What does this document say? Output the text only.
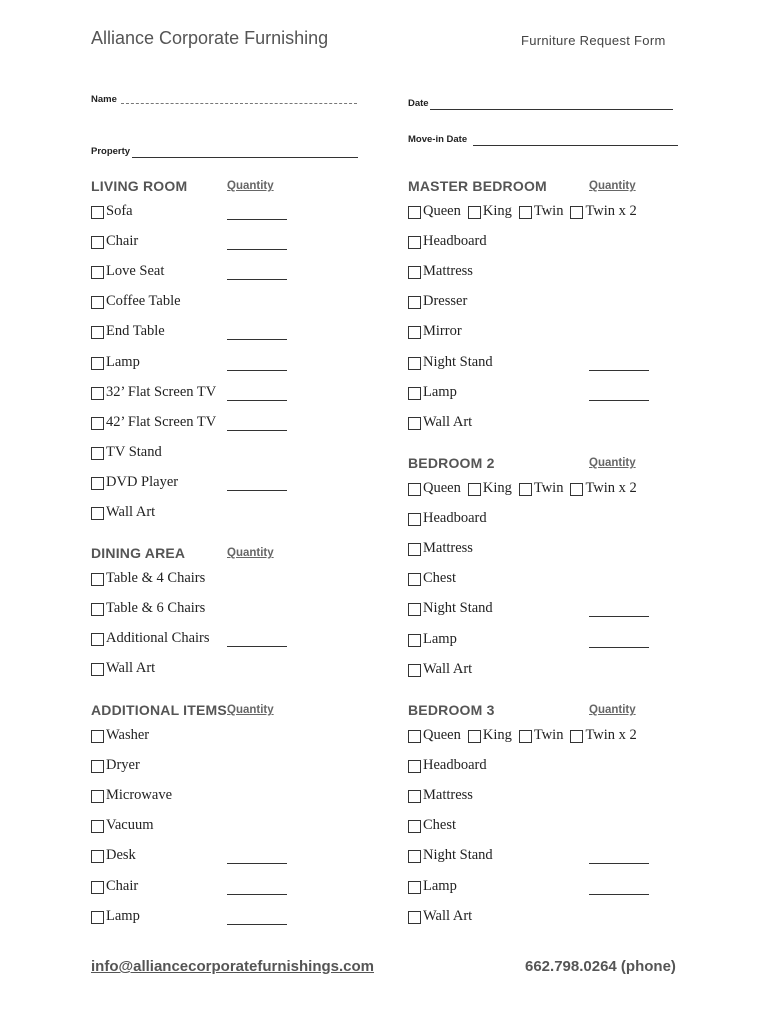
Alliance Corporate Furnishing	Furniture Request Form
Name	Date
Move-in Date
Property
LIVING ROOM	Quantity
Sofa
Chair
Love Seat
Coffee Table
End Table
Lamp
32’ Flat Screen TV
42’ Flat Screen TV
TV Stand
DVD Player
Wall Art
DINING AREA	Quantity
Table & 4 Chairs
Table & 6 Chairs
Additional Chairs
Wall Art
ADDITIONAL ITEMS Quantity
Washer
Dryer
Microwave
Vacuum
Desk
Chair
Lamp
MASTER BEDROOM	Quantity
Queen King Twin Twin x 2
Headboard
Mattress
Dresser
Mirror
Night Stand
Lamp
Wall Art
BEDROOM 2	Quantity
Queen King Twin Twin x 2
Headboard
Mattress
Chest
Night Stand
Lamp
Wall Art
BEDROOM 3	Quantity
Queen King Twin Twin x 2
Headboard
Mattress
Chest
Night Stand
Lamp
Wall Art
info@alliancecorporatefurnishings.com	662.798.0264 (phone)
